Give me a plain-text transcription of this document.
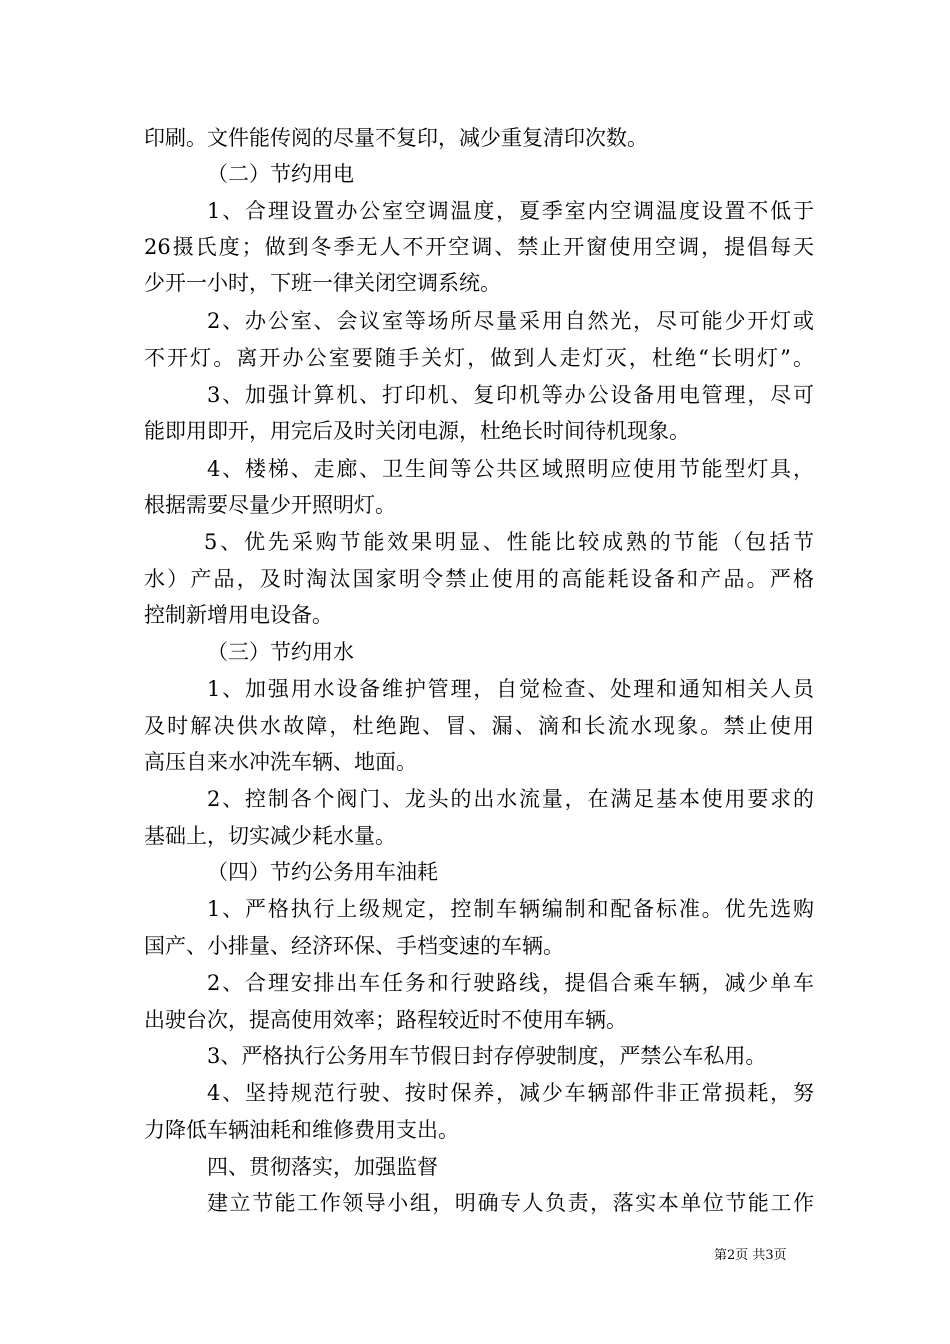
印刷。文件能传阅的尽量不复印，减少重复清印次数。
（二）节约用电
1、合理设置办公室空调温度，夏季室内空调温度设置不低于
26摄氏度；做到冬季无人不开空调、禁止开窗使用空调，提倡每天
少开一小时，下班一律关闭空调系统。
2、办公室、会议室等场所尽量采用自然光，尽可能少开灯或
不开灯。离开办公室要随手关灯，做到人走灯灭，杜绝“长明灯”。
3、加强计算机、打印机、复印机等办公设备用电管理，尽可
能即用即开，用完后及时关闭电源，杜绝长时间待机现象。
4、楼梯、走廊、卫生间等公共区域照明应使用节能型灯具，
根据需要尽量少开照明灯。
5、优先采购节能效果明显、性能比较成熟的节能（包括节
水）产品，及时淘汰国家明令禁止使用的高能耗设备和产品。严格
控制新增用电设备。
（三）节约用水
1、加强用水设备维护管理，自觉检查、处理和通知相关人员
及时解决供水故障，杜绝跑、冒、漏、滴和长流水现象。禁止使用
高压自来水冲洗车辆、地面。
2、控制各个阀门、龙头的出水流量，在满足基本使用要求的
基础上，切实减少耗水量。
（四）节约公务用车油耗
1、严格执行上级规定，控制车辆编制和配备标准。优先选购
国产、小排量、经济环保、手档变速的车辆。
2、合理安排出车任务和行驶路线，提倡合乘车辆，减少单车
出驶台次，提高使用效率；路程较近时不使用车辆。
3、严格执行公务用车节假日封存停驶制度，严禁公车私用。
4、坚持规范行驶、按时保养，减少车辆部件非正常损耗，努
力降低车辆油耗和维修费用支出。
四、贯彻落实，加强监督
建立节能工作领导小组，明确专人负责，落实本单位节能工作
第2页 共3页
